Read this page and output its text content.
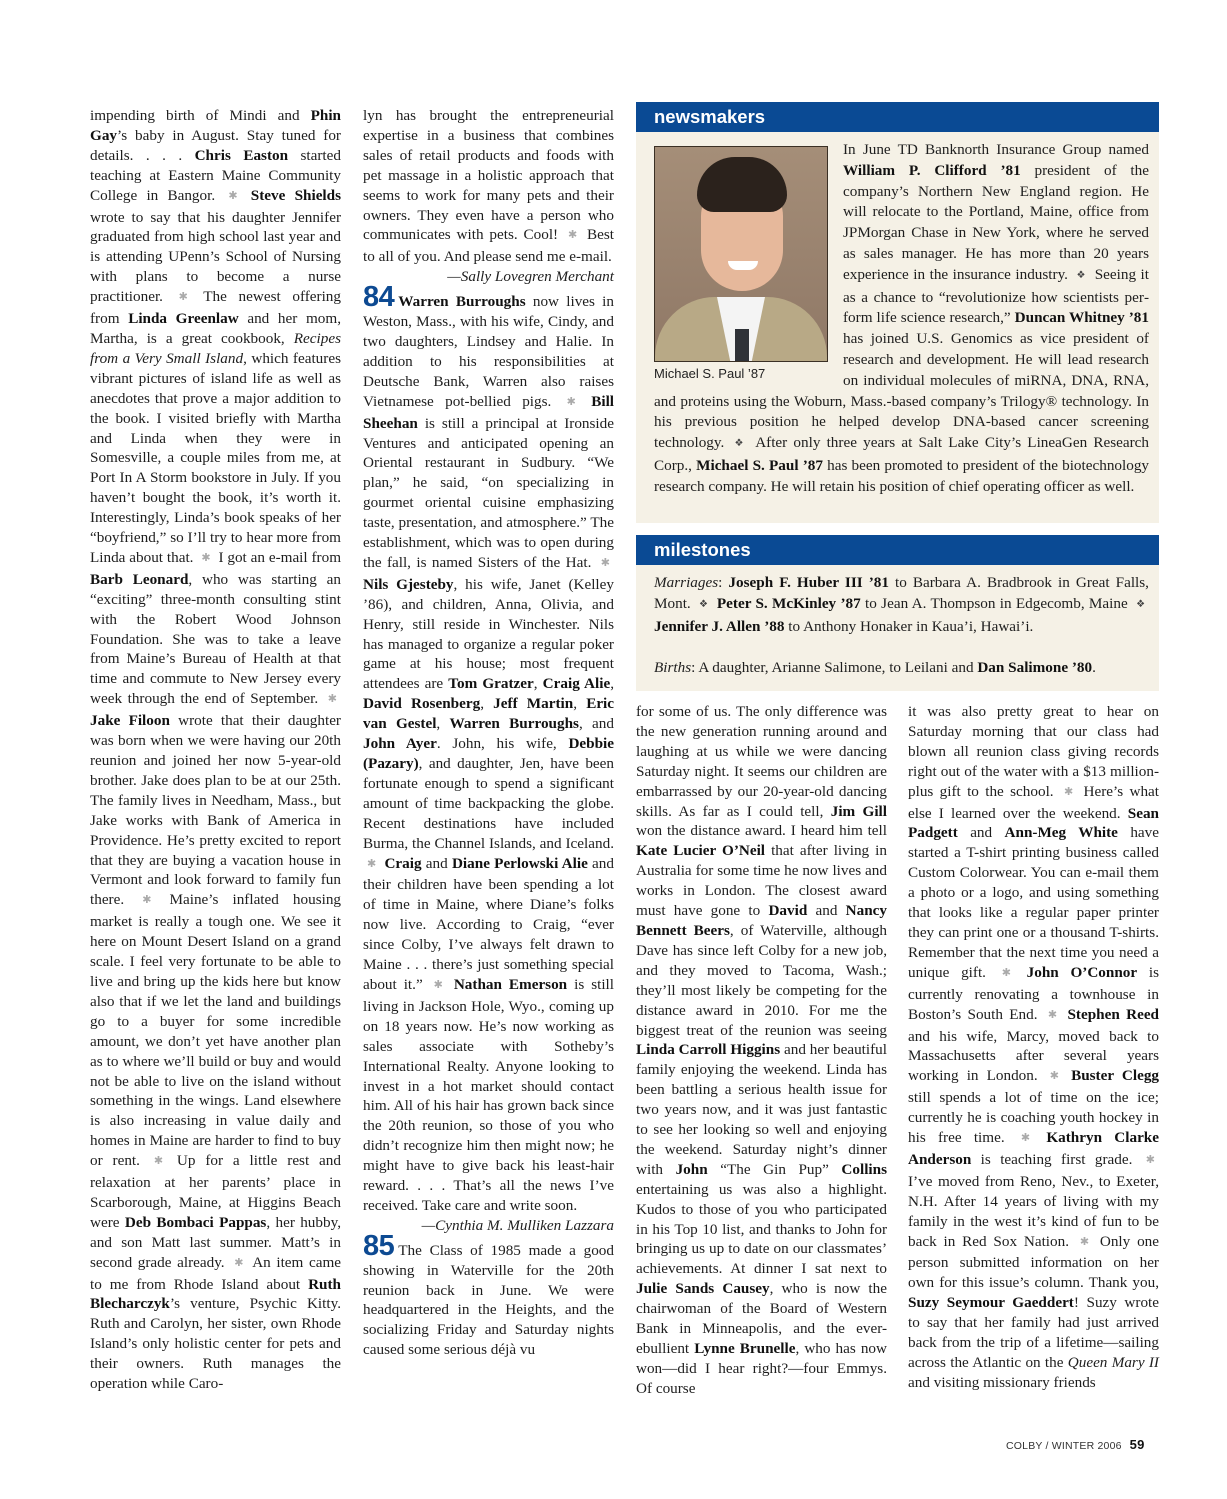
impending birth of Mindi and Phin Gay’s baby in August. Stay tuned for details. . . . Chris Easton started teaching at Eastern Maine Community College in Bangor. ✱ Steve Shields wrote to say that his daughter Jennifer graduated from high school last year and is attending UPenn’s School of Nursing with plans to become a nurse practitioner. ✱ The newest offering from Linda Greenlaw and her mom, Martha, is a great cookbook, Recipes from a Very Small Island, which features vibrant pictures of island life as well as anecdotes that prove a major addition to the book. I visited briefly with Martha and Linda when they were in Somesville, a couple miles from me, at Port In A Storm bookstore in July. If you haven’t bought the book, it’s worth it. Interestingly, Linda’s book speaks of her “boyfriend,” so I’ll try to hear more from Linda about that. ✱ I got an e-mail from Barb Leonard, who was starting an “exciting” three-month consulting stint with the Robert Wood Johnson Foundation. She was to take a leave from Maine’s Bureau of Health at that time and commute to New Jersey every week through the end of September. ✱ Jake Filoon wrote that their daughter was born when we were having our 20th reunion and joined her now 5-year-old brother. Jake does plan to be at our 25th. The family lives in Needham, Mass., but Jake works with Bank of America in Providence. He’s pretty excited to report that they are buying a vacation house in Vermont and look forward to family fun there. ✱ Maine’s inflated housing market is really a tough one. We see it here on Mount Desert Island on a grand scale. I feel very fortunate to be able to live and bring up the kids here but know also that if we let the land and buildings go to a buyer for some incredible amount, we don’t yet have another plan as to where we’ll build or buy and would not be able to live on the island without something in the wings. Land elsewhere is also increasing in value daily and homes in Maine are harder to find to buy or rent. ✱ Up for a little rest and relaxation at her parents’ place in Scarborough, Maine, at Higgins Beach were Deb Bombaci Pappas, her hubby, and son Matt last summer. Matt’s in second grade already. ✱ An item came to me from Rhode Island about Ruth Blecharczyk’s venture, Psychic Kitty. Ruth and Carolyn, her sister, own Rhode Island’s only holistic center for pets and their owners. Ruth manages the operation while Caro-

lyn has brought the entrepreneurial expertise in a business that combines sales of retail products and foods with pet massage in a holistic approach that seems to work for many pets and their owners. They even have a person who communicates with pets. Cool! ✱ Best to all of you. And please send me e-mail.

—Sally Lovegren Merchant

84 Warren Burroughs now lives in Weston, Mass., with his wife, Cindy, and two daughters, Lindsey and Halie. In addition to his responsibilities at Deutsche Bank, Warren also raises Vietnamese pot-bellied pigs. ✱ Bill Sheehan is still a principal at Ironside Ventures and anticipated opening an Oriental restaurant in Sudbury. “We plan,” he said, “on specializing in gourmet oriental cuisine emphasizing taste, presentation, and atmosphere.” The establishment, which was to open during the fall, is named Sisters of the Hat. ✱ Nils Gjesteby, his wife, Janet (Kelley ’86), and children, Anna, Olivia, and Henry, still reside in Winchester. Nils has managed to organize a regular poker game at his house; most frequent attendees are Tom Gratzer, Craig Alie, David Rosenberg, Jeff Martin, Eric van Gestel, Warren Burroughs, and John Ayer. John, his wife, Debbie (Pazary), and daughter, Jen, have been fortunate enough to spend a significant amount of time backpacking the globe. Recent destinations have included Burma, the Channel Islands, and Iceland. ✱ Craig and Diane Perlowski Alie and their children have been spending a lot of time in Maine, where Diane’s folks now live. According to Craig, “ever since Colby, I’ve always felt drawn to Maine . . . there’s just something special about it.” ✱ Nathan Emerson is still living in Jackson Hole, Wyo., coming up on 18 years now. He’s now working as sales associate with Sotheby’s International Realty. Anyone looking to invest in a hot market should contact him. All of his hair has grown back since the 20th reunion, so those of you who didn’t recognize him then might now; he might have to give back his least-hair reward. . . . That’s all the news I’ve received. Take care and write soon.

—Cynthia M. Mulliken Lazzara

85 The Class of 1985 made a good showing in Waterville for the 20th reunion back in June. We were headquartered in the Heights, and the socializing Friday and Saturday nights caused some serious déjà vu

newsmakers
Michael S. Paul ’87
In June TD Banknorth Insurance Group named William P. Clifford ’81 president of the company’s Northern New England region. He will relocate to the Portland, Maine, office from JPMorgan Chase in New York, where he served as sales manager. He has more than 20 years experience in the insurance industry. ❖ Seeing it as a chance to “revolutionize how scientists perform life science research,” Duncan Whitney ’81 has joined U.S. Genomics as vice president of research and development. He will lead research on individual molecules of miRNA, DNA, RNA, and proteins using the Woburn, Mass.-based company’s Trilogy® technology. In his previous position he helped develop DNA-based cancer screening technology. ❖ After only three years at Salt Lake City’s LineaGen Research Corp., Michael S. Paul ’87 has been promoted to president of the biotechnology research company. He will retain his position of chief operating officer as well.
milestones

Marriages: Joseph F. Huber III ’81 to Barbara A. Bradbrook in Great Falls, Mont. ❖ Peter S. McKinley ’87 to Jean A. Thompson in Edgecomb, Maine ❖ Jennifer J. Allen ’88 to Anthony Honaker in Kaua’i, Hawai’i.

Births: A daughter, Arianne Salimone, to Leilani and Dan Salimone ’80.

for some of us. The only difference was the new generation running around and laughing at us while we were dancing Saturday night. It seems our children are embarrassed by our 20-year-old dancing skills. As far as I could tell, Jim Gill won the distance award. I heard him tell Kate Lucier O’Neil that after living in Australia for some time he now lives and works in London. The closest award must have gone to David and Nancy Bennett Beers, of Waterville, although Dave has since left Colby for a new job, and they moved to Tacoma, Wash.; they’ll most likely be competing for the distance award in 2010. For me the biggest treat of the reunion was seeing Linda Carroll Higgins and her beautiful family enjoying the weekend. Linda has been battling a serious health issue for two years now, and it was just fantastic to see her looking so well and enjoying the weekend. Saturday night’s dinner with John “The Gin Pup” Collins entertaining us was also a highlight. Kudos to those of you who participated in his Top 10 list, and thanks to John for bringing us up to date on our classmates’ achievements. At dinner I sat next to Julie Sands Causey, who is now the chairwoman of the Board of Western Bank in Minneapolis, and the ever-ebullient Lynne Brunelle, who has now won—did I hear right?—four Emmys. Of course

it was also pretty great to hear on Saturday morning that our class had blown all reunion class giving records right out of the water with a $13 million-plus gift to the school. ✱ Here’s what else I learned over the weekend. Sean Padgett and Ann-Meg White have started a T-shirt printing business called Custom Colorwear. You can e-mail them a photo or a logo, and using something that looks like a regular paper printer they can print one or a thousand T-shirts. Remember that the next time you need a unique gift. ✱ John O’Connor is currently renovating a townhouse in Boston’s South End. ✱ Stephen Reed and his wife, Marcy, moved back to Massachusetts after several years working in London. ✱ Buster Clegg still spends a lot of time on the ice; currently he is coaching youth hockey in his free time. ✱ Kathryn Clarke Anderson is teaching first grade. ✱ I’ve moved from Reno, Nev., to Exeter, N.H. After 14 years of living with my family in the west it’s kind of fun to be back in Red Sox Nation. ✱ Only one person submitted information on her own for this issue’s column. Thank you, Suzy Seymour Gaeddert! Suzy wrote to say that her family had just arrived back from the trip of a lifetime—sailing across the Atlantic on the Queen Mary II and visiting missionary friends

COLBY / WINTER 2006 59
